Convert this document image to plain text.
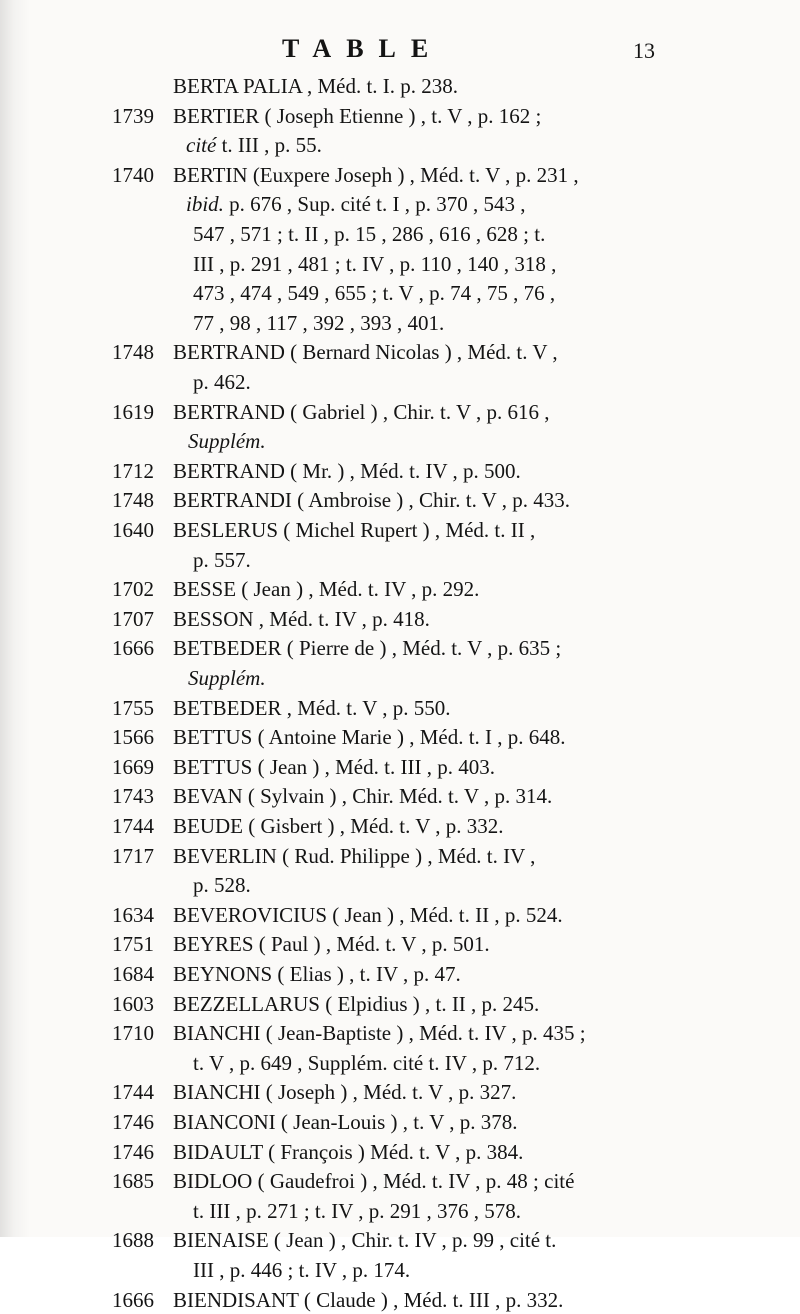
TABLE	13
BERTA PALIA , Méd. t. I. p. 238.
1739 BERTIER ( Joseph Etienne ) , t. V , p. 162 ;
cité t. III , p. 55.
1740 BERTIN (Euxpere Joseph ) , Méd. t. V , p. 231 ,
ibid. p. 676 , Sup. cité t. I , p. 370 , 543 ,
547 , 571 ; t. II , p. 15 , 286 , 616 , 628 ; t.
III , p. 291 , 481 ; t. IV , p. 110 , 140 , 318 ,
473 , 474 , 549 , 655 ; t. V , p. 74 , 75 , 76 ,
77 , 98 , 117 , 392 , 393 , 401.
1748 BERTRAND ( Bernard Nicolas ) , Méd. t. V ,
p. 462.
1619 BERTRAND ( Gabriel ) , Chir. t. V , p. 616 ,
Supplém.
1712 BERTRAND ( Mr. ) , Méd. t. IV , p. 500.
1748 BERTRANDI ( Ambroise ) , Chir. t. V , p. 433.
1640 BESLERUS ( Michel Rupert ) , Méd. t. II ,
p. 557.
1702 BESSE ( Jean ) , Méd. t. IV , p. 292.
1707 BESSON , Méd. t. IV , p. 418.
1666 BETBEDER ( Pierre de ) , Méd. t. V , p. 635 ;
Supplém.
1755 BETBEDER , Méd. t. V , p. 550.
1566 BETTUS ( Antoine Marie ) , Méd. t. I , p. 648.
1669 BETTUS ( Jean ) , Méd. t. III , p. 403.
1743 BEVAN ( Sylvain ) , Chir. Méd. t. V , p. 314.
1744 BEUDE ( Gisbert ) , Méd. t. V , p. 332.
1717 BEVERLIN ( Rud. Philippe ) , Méd. t. IV ,
p. 528.
1634 BEVEROVICIUS ( Jean ) , Méd. t. II , p. 524.
1751 BEYRES ( Paul ) , Méd. t. V , p. 501.
1684 BEYNONS ( Elias ) , t. IV , p. 47.
1603 BEZZELLARUS ( Elpidius ) , t. II , p. 245.
1710 BIANCHI ( Jean-Baptiste ) , Méd. t. IV , p. 435 ;
t. V , p. 649 , Supplém. cité t. IV , p. 712.
1744 BIANCHI ( Joseph ) , Méd. t. V , p. 327.
1746 BIANCONI ( Jean-Louis ) , t. V , p. 378.
1746 BIDAULT ( François ) Méd. t. V , p. 384.
1685 BIDLOO ( Gaudefroi ) , Méd. t. IV , p. 48 ; cité
t. III , p. 271 ; t. IV , p. 291 , 376 , 578.
1688 BIENAISE ( Jean ) , Chir. t. IV , p. 99 , cité t.
III , p. 446 ; t. IV , p. 174.
1666 BIENDISANT ( Claude ) , Méd. t. III , p. 332.
